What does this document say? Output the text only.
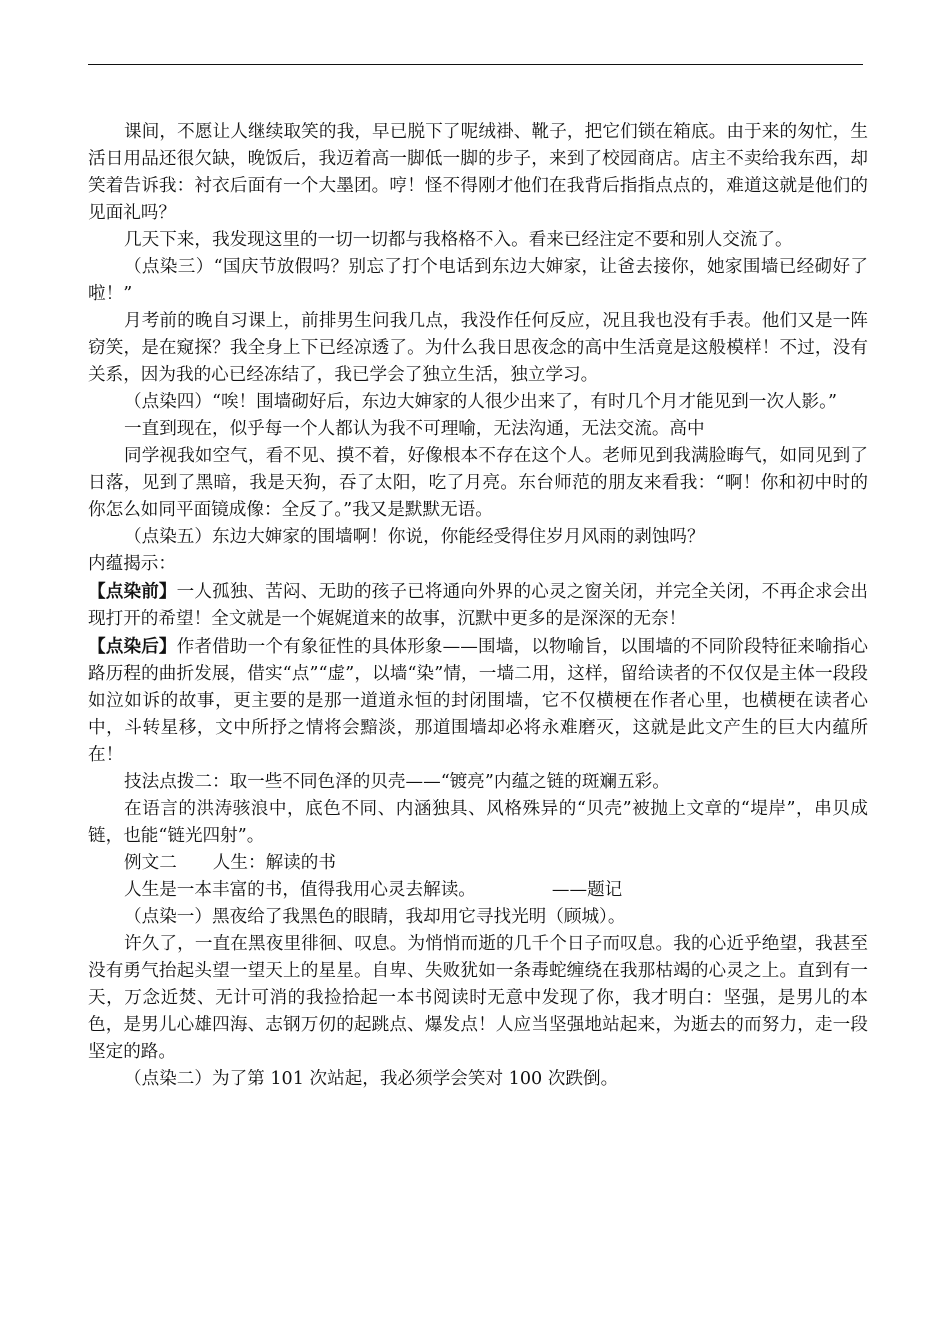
课间，不愿让人继续取笑的我，早已脱下了呢绒褂、靴子，把它们锁在箱底。由于来的匆忙，生活日用品还很欠缺，晚饭后，我迈着高一脚低一脚的步子，来到了校园商店。店主不卖给我东西，却笑着告诉我：衬衣后面有一个大墨团。哼！怪不得刚才他们在我背后指指点点的，难道这就是他们的见面礼吗？

几天下来，我发现这里的一切一切都与我格格不入。看来已经注定不要和别人交流了。

（点染三）“国庆节放假吗？别忘了打个电话到东边大婶家，让爸去接你，她家围墙已经砌好了啦！”

月考前的晚自习课上，前排男生问我几点，我没作任何反应，况且我也没有手表。他们又是一阵窃笑，是在窥探？我全身上下已经凉透了。为什么我日思夜念的高中生活竟是这般模样！不过，没有关系，因为我的心已经冻结了，我已学会了独立生活，独立学习。

（点染四）“唉！围墙砌好后，东边大婶家的人很少出来了，有时几个月才能见到一次人影。”

一直到现在，似乎每一个人都认为我不可理喻，无法沟通，无法交流。高中

同学视我如空气，看不见、摸不着，好像根本不存在这个人。老师见到我满脸晦气，如同见到了日落，见到了黑暗，我是天狗，吞了太阳，吃了月亮。东台师范的朋友来看我：“啊！你和初中时的你怎么如同平面镜成像：全反了。”我又是默默无语。

（点染五）东边大婶家的围墙啊！你说，你能经受得住岁月风雨的剥蚀吗？

内蕴揭示：

【点染前】一人孤独、苦闷、无助的孩子已将通向外界的心灵之窗关闭，并完全关闭，不再企求会出现打开的希望！全文就是一个娓娓道来的故事，沉默中更多的是深深的无奈！

【点染后】作者借助一个有象征性的具体形象——围墙，以物喻旨，以围墙的不同阶段特征来喻指心路历程的曲折发展，借实“点”“虚”，以墙“染”情，一墙二用，这样，留给读者的不仅仅是主体一段段如泣如诉的故事，更主要的是那一道道永恒的封闭围墙，它不仅横梗在作者心里，也横梗在读者心中，斗转星移，文中所抒之情将会黯淡，那道围墙却必将永难磨灭，这就是此文产生的巨大内蕴所在！

技法点拨二：取一些不同色泽的贝壳——“镀亮”内蕴之链的斑斓五彩。

在语言的洪涛骇浪中，底色不同、内涵独具、风格殊异的“贝壳”被抛上文章的“堤岸”，串贝成链，也能“链光四射”。

例文二 人生：解读的书

人生是一本丰富的书，值得我用心灵去解读。	——题记

（点染一）黑夜给了我黑色的眼睛，我却用它寻找光明（顾城）。

许久了，一直在黑夜里徘徊、叹息。为悄悄而逝的几千个日子而叹息。我的心近乎绝望，我甚至没有勇气抬起头望一望天上的星星。自卑、失败犹如一条毒蛇缠绕在我那枯竭的心灵之上。直到有一天，万念近焚、无计可消的我捡拾起一本书阅读时无意中发现了你，我才明白：坚强，是男儿的本色，是男儿心雄四海、志钢万仞的起跳点、爆发点！人应当坚强地站起来，为逝去的而努力，走一段坚定的路。

（点染二）为了第 101 次站起，我必须学会笑对 100 次跌倒。
